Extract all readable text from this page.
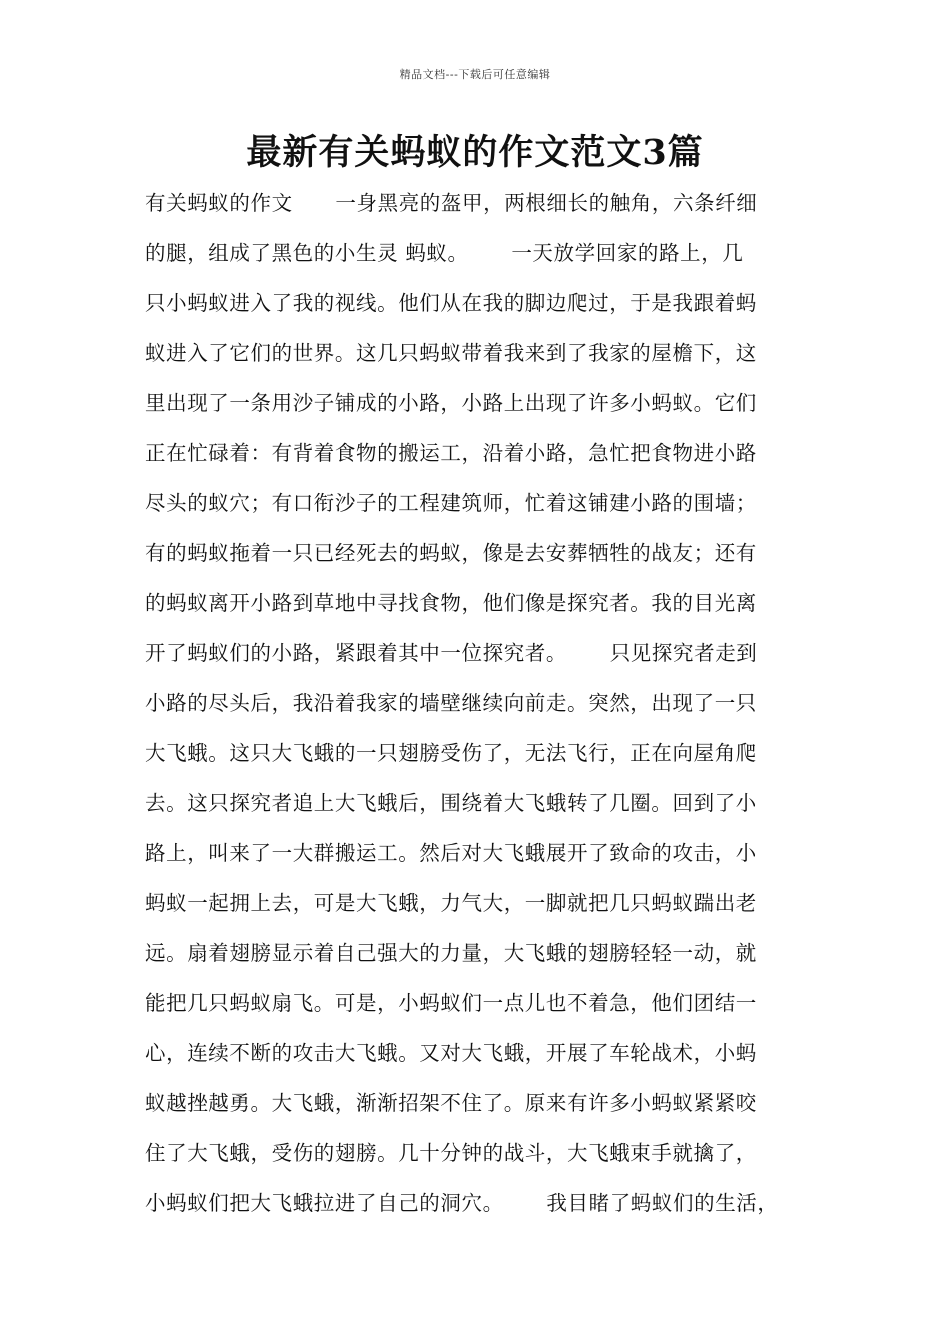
精品文档---下载后可任意编辑
最新有关蚂蚁的作文范文3篇
有关蚂蚁的作文      一身黑亮的盔甲，两根细长的触角，六条纤细
的腿，组成了黑色的小生灵 蚂蚁。      一天放学回家的路上，几
只小蚂蚁进入了我的视线。他们从在我的脚边爬过，于是我跟着蚂
蚁进入了它们的世界。这几只蚂蚁带着我来到了我家的屋檐下，这
里出现了一条用沙子铺成的小路，小路上出现了许多小蚂蚁。它们
正在忙碌着：有背着食物的搬运工，沿着小路，急忙把食物进小路
尽头的蚁穴；有口衔沙子的工程建筑师，忙着这铺建小路的围墙；
有的蚂蚁拖着一只已经死去的蚂蚁，像是去安葬牺牲的战友；还有
的蚂蚁离开小路到草地中寻找食物，他们像是探究者。我的目光离
开了蚂蚁们的小路，紧跟着其中一位探究者。      只见探究者走到
小路的尽头后，我沿着我家的墙壁继续向前走。突然，出现了一只
大飞蛾。这只大飞蛾的一只翅膀受伤了，无法飞行，正在向屋角爬
去。这只探究者追上大飞蛾后，围绕着大飞蛾转了几圈。回到了小
路上，叫来了一大群搬运工。然后对大飞蛾展开了致命的攻击，小
蚂蚁一起拥上去，可是大飞蛾，力气大，一脚就把几只蚂蚁踹出老
远。扇着翅膀显示着自己强大的力量，大飞蛾的翅膀轻轻一动，就
能把几只蚂蚁扇飞。可是，小蚂蚁们一点儿也不着急，他们团结一
心，连续不断的攻击大飞蛾。又对大飞蛾，开展了车轮战术，小蚂
蚁越挫越勇。大飞蛾，渐渐招架不住了。原来有许多小蚂蚁紧紧咬
住了大飞蛾，受伤的翅膀。几十分钟的战斗，大飞蛾束手就擒了，
小蚂蚁们把大飞蛾拉进了自己的洞穴。      我目睹了蚂蚁们的生活，
